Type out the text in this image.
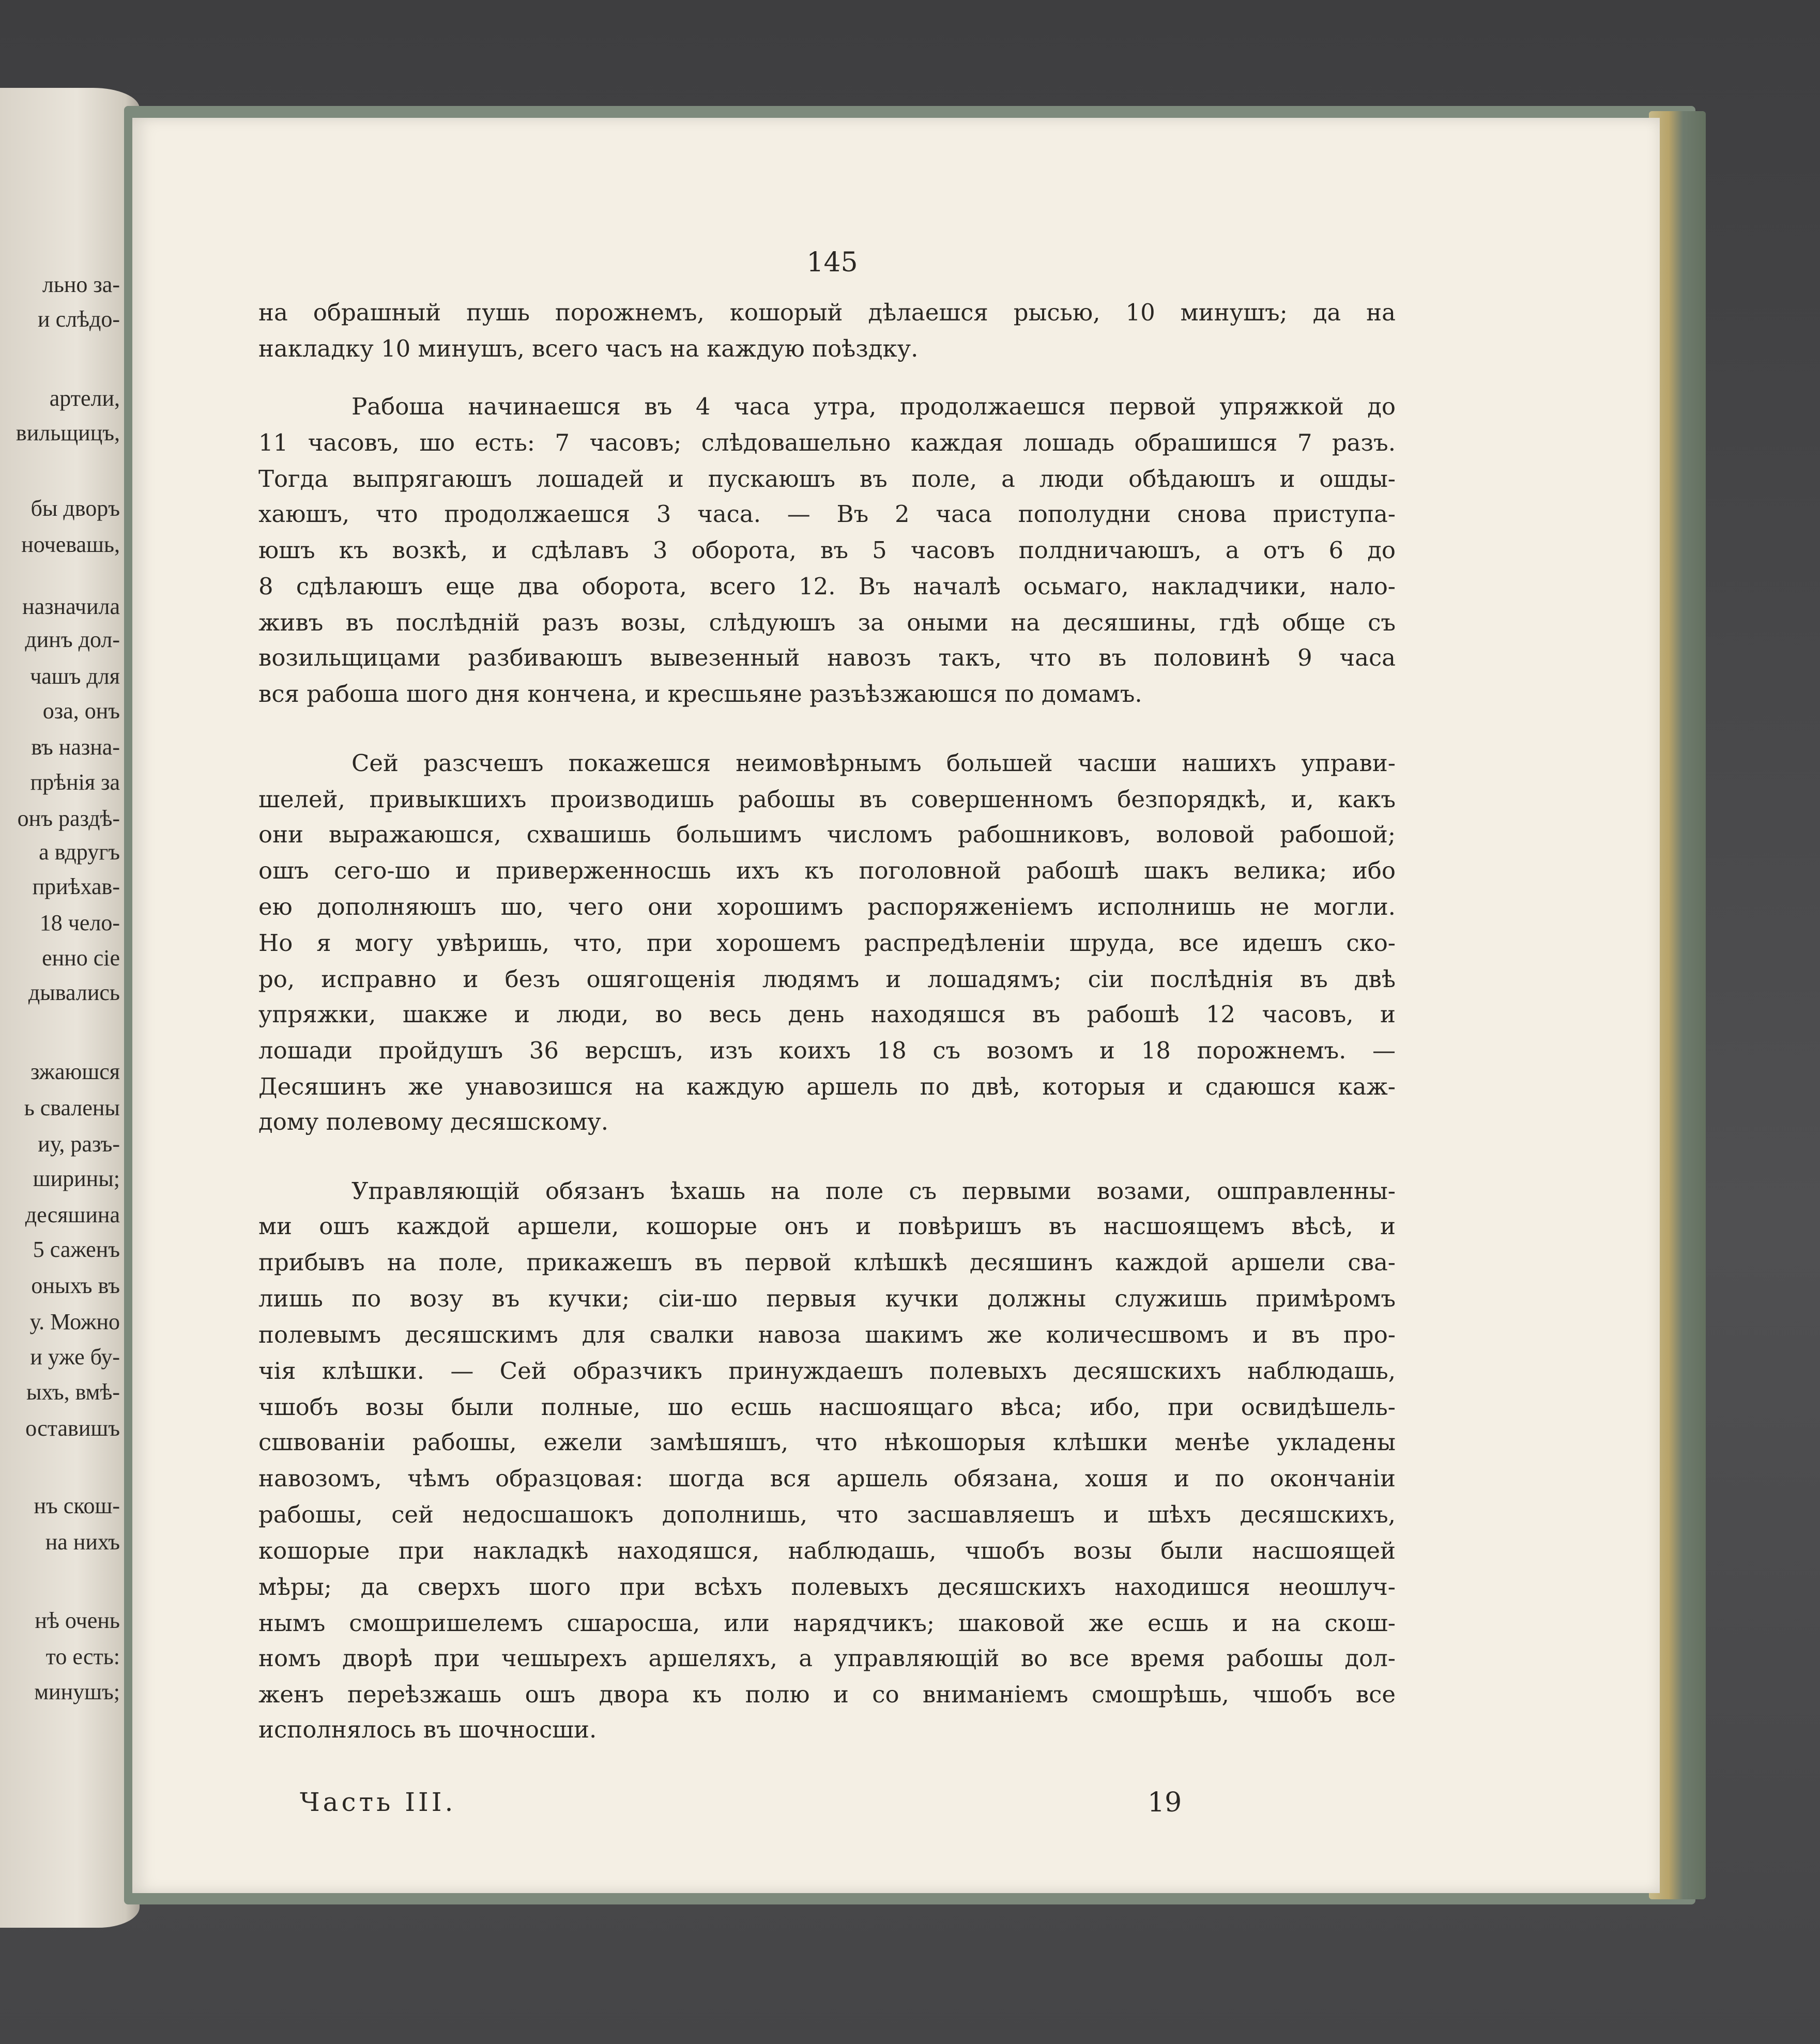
льно за-
и слѣдо-
артели,
вильщицъ,
бы дворъ
ночевашь,
назначила
динъ дол-
чашъ для
оза, онъ
въ назна-
прѣнія за
онъ раздѣ-
а вдругъ
приѣхав-
18 чело-
енно сіе
дывались
зжаюшся
ь свалены
иу, разъ-
ширины;
десяшина
5 саженъ
оныхъ въ
у. Можно
и уже бу-
ыхъ, вмѣ-
оставишъ
нъ скош-
на нихъ
нѣ очень
то есть:
минушъ;
145
на обрашный пушь порожнемъ, кошорый дѣлаешся рысью, 10 минушъ; да на
накладку 10 минушъ, всего часъ на каждую поѣздку.
Рабоша начинаешся въ 4 часа утра, продолжаешся первой упряжкой до
11 часовъ, шо есть: 7 часовъ; слѣдовашельно каждая лошадь обрашишся 7 разъ.
Тогда выпрягаюшъ лошадей и пускаюшъ въ поле, а люди обѣдаюшъ и ошды-
хаюшъ, что продолжаешся 3 часа. — Въ 2 часа пополудни снова приступа-
юшъ къ возкѣ, и сдѣлавъ 3 оборота, въ 5 часовъ полдничаюшъ, а отъ 6 до
8 сдѣлаюшъ еще два оборота, всего 12. Въ началѣ осьмаго, накладчики, нало-
живъ въ послѣдній разъ возы, слѣдуюшъ за оными на десяшины, гдѣ обще съ
возильщицами разбиваюшъ вывезенный навозъ такъ, что въ половинѣ 9 часа
вся рабоша шого дня кончена, и кресшьяне разъѣзжаюшся по домамъ.
Сей разсчешъ покажешся неимовѣрнымъ большей часши нашихъ управи-
шелей, привыкшихъ производишь рабошы въ совершенномъ безпорядкѣ, и, какъ
они выражаюшся, схвашишь большимъ числомъ рабошниковъ, воловой рабошой;
ошъ сего-шо и приверженносшь ихъ къ поголовной рабошѣ шакъ велика; ибо
ею дополняюшъ шо, чего они хорошимъ распоряженіемъ исполнишь не могли.
Но я могу увѣришь, что, при хорошемъ распредѣленіи шруда, все идешъ ско-
ро, исправно и безъ ошягощенія людямъ и лошадямъ; сіи послѣднія въ двѣ
упряжки, шакже и люди, во весь день находяшся въ рабошѣ 12 часовъ, и
лошади пройдушъ 36 версшъ, изъ коихъ 18 съ возомъ и 18 порожнемъ. —
Десяшинъ же унавозишся на каждую аршель по двѣ, которыя и сдаюшся каж-
дому полевому десяшскому.
Управляющій обязанъ ѣхашь на поле съ первыми возами, ошправленны-
ми ошъ каждой аршели, кошорые онъ и повѣришъ въ насшоящемъ вѣсѣ, и
прибывъ на поле, прикажешъ въ первой клѣшкѣ десяшинъ каждой аршели сва-
лишь по возу въ кучки; сіи-шо первыя кучки должны служишь примѣромъ
полевымъ десяшскимъ для свалки навоза шакимъ же количесшвомъ и въ про-
чія клѣшки. — Сей образчикъ принуждаешъ полевыхъ десяшскихъ наблюдашь,
чшобъ возы были полные, шо есшь насшоящаго вѣса; ибо, при освидѣшель-
сшвованіи рабошы, ежели замѣшяшъ, что нѣкошорыя клѣшки менѣе укладены
навозомъ, чѣмъ образцовая: шогда вся аршель обязана, хошя и по окончаніи
рабошы, сей недосшашокъ дополнишь, что засшавляешъ и шѣхъ десяшскихъ,
кошорые при накладкѣ находяшся, наблюдашь, чшобъ возы были насшоящей
мѣры; да сверхъ шого при всѣхъ полевыхъ десяшскихъ находишся неошлуч-
нымъ смошришелемъ сшаросша, или нарядчикъ; шаковой же есшь и на скош-
номъ дворѣ при чешырехъ аршеляхъ, а управляющій во все время рабошы дол-
женъ переѣзжашь ошъ двора къ полю и со вниманіемъ смошрѣшь, чшобъ все
исполнялось въ шочносши.
Часть III.	19
